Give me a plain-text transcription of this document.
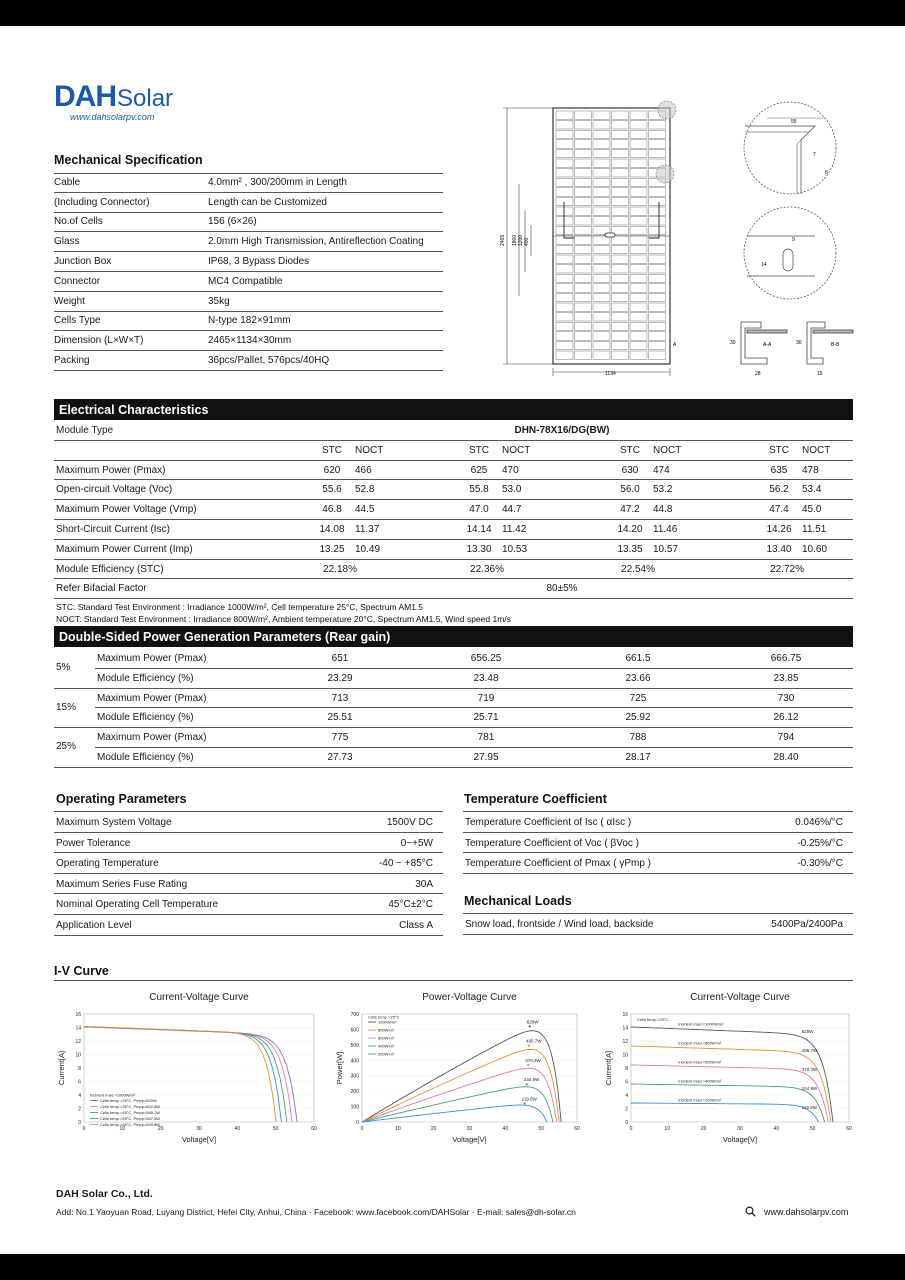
DAHSolar
www.dahsolarpv.com
Mechanical Specification
Cable	4.0mm² , 300/200mm in Length
(Including Connector)	Length can be Customized
No.of Cells	156 (6×26)
Glass	2.0mm High Transmission, Antireflection Coating
Junction Box	IP68, 3 Bypass Diodes
Connector	MC4 Compatible
Weight	35kg
Cells Type	N-type 182×91mm
Dimension (L×W×T)	2465×1134×30mm
Packing	36pcs/Pallet, 576pcs/40HQ
2465 1800 1200 400
1134
A
55
8
7
14
9
30	A-A
28
30	B-B
15
Electrical Characteristics
Module Type	DHN-78X16/DG(BW)
STC NOCT	STC NOCT	STC NOCT	STC NOCT
Maximum Power (Pmax)	620 466	625 470	630 474	635 478
Open-circuit Voltage (Voc)	55.6 52.8	55.8 53.0	56.0 53.2	56.2 53.4
Maximum Power Voltage (Vmp)	46.8 44.5	47.0 44.7	47.2 44.8	47.4 45.0
Short-Circuit Current (Isc)	14.08 11.37	14.14 11.42	14.20 11.46	14.26 11.51
Maximum Power Current (Imp)	13.25 10.49	13.30 10.53	13.35 10.57	13.40 10.60
Module Efficiency (STC)	22.18%	22.36%	22.54%	22.72%
Refer Bifacial Factor	80±5%
STC: Standard Test Environment : Irradiance 1000W/m², Cell temperature 25°C, Spectrum AM1.5
NOCT: Standard Test Environment : Irradiance 800W/m², Ambient temperature 20°C, Spectrum AM1.5, Wind speed 1m/s
Double-Sided Power Generation Parameters (Rear gain)
5%
Maximum Power (Pmax)	651	656.25	661.5	666.75
Module Efficiency (%)	23.29	23.48	23.66	23.85
15%
Maximum Power (Pmax)	713	719	725	730
Module Efficiency (%)	25.51	25.71	25.92	26.12
25%
Maximum Power (Pmax)	775	781	788	794
Module Efficiency (%)	27.73	27.95	28.17	28.40
Operating Parameters
Maximum System Voltage	1500V DC
Power Tolerance	0~+5W
Operating Temperature	-40 ~ +85°C
Maximum Series Fuse Rating	30A
Nominal Operating Cell Temperature	45°C±2°C
Application Level	Class A
Temperature Coefficient
Temperature Coefficient of Isc ( αIsc )	0.046%/°C
Temperature Coefficient of Voc ( βVoc )	-0.25%/°C
Temperature Coefficient of Pmax ( γPmp )	-0.30%/°C
Mechanical Loads
Snow load, frontside / Wind load, backside	5400Pa/2400Pa
I-V Curve
Current-Voltage Curve
0	10	20	30	40	50	60
0
2
4
6
8
10
12
14
16
Voltage[V]
Current[A]
Incident Irrad.=1000W/m²
Cells temp.=25°C, Pmpp=620W
Cells temp.=35°C, Pmpp=602.8W
Cells temp.=45°C, Pmpp=585.2W
Cells temp.=55°C, Pmpp=567.5W
Cells temp.=65°C, Pmpp=549.8W
Power-Voltage Curve
0	10	20	30	40	50	60
0
100
200
300
400
500
600
700
Voltage[V]
Power[W]
620W
495.7W
370.3W
244.9W
119.8W
Cells temp.=25°C
1000W/m²
800W/m²
600W/m²
400W/m²
200W/m²
Current-Voltage Curve
0	10	20	30	40	50	60
0
2
4
6
8
10
12
14
16
Voltage[V]
Current[A]
620W
Incident Irrad.=1000W/m²
495.7W
Incident Irrad.=800W/m²
370.3W
Incident Irrad.=600W/m²
244.9W
Incident Irrad.=400W/m²
119.8W
Incident Irrad.=200W/m²
Cells temp.=25°C
DAH Solar Co., Ltd.
Add: No.1 Yaoyuan Road, Luyang District, Hefei City, Anhui, China · Facebook: www.facebook.com/DAHSolar · E-mail: sales@dh-solar.cn	www.dahsolarpv.com
